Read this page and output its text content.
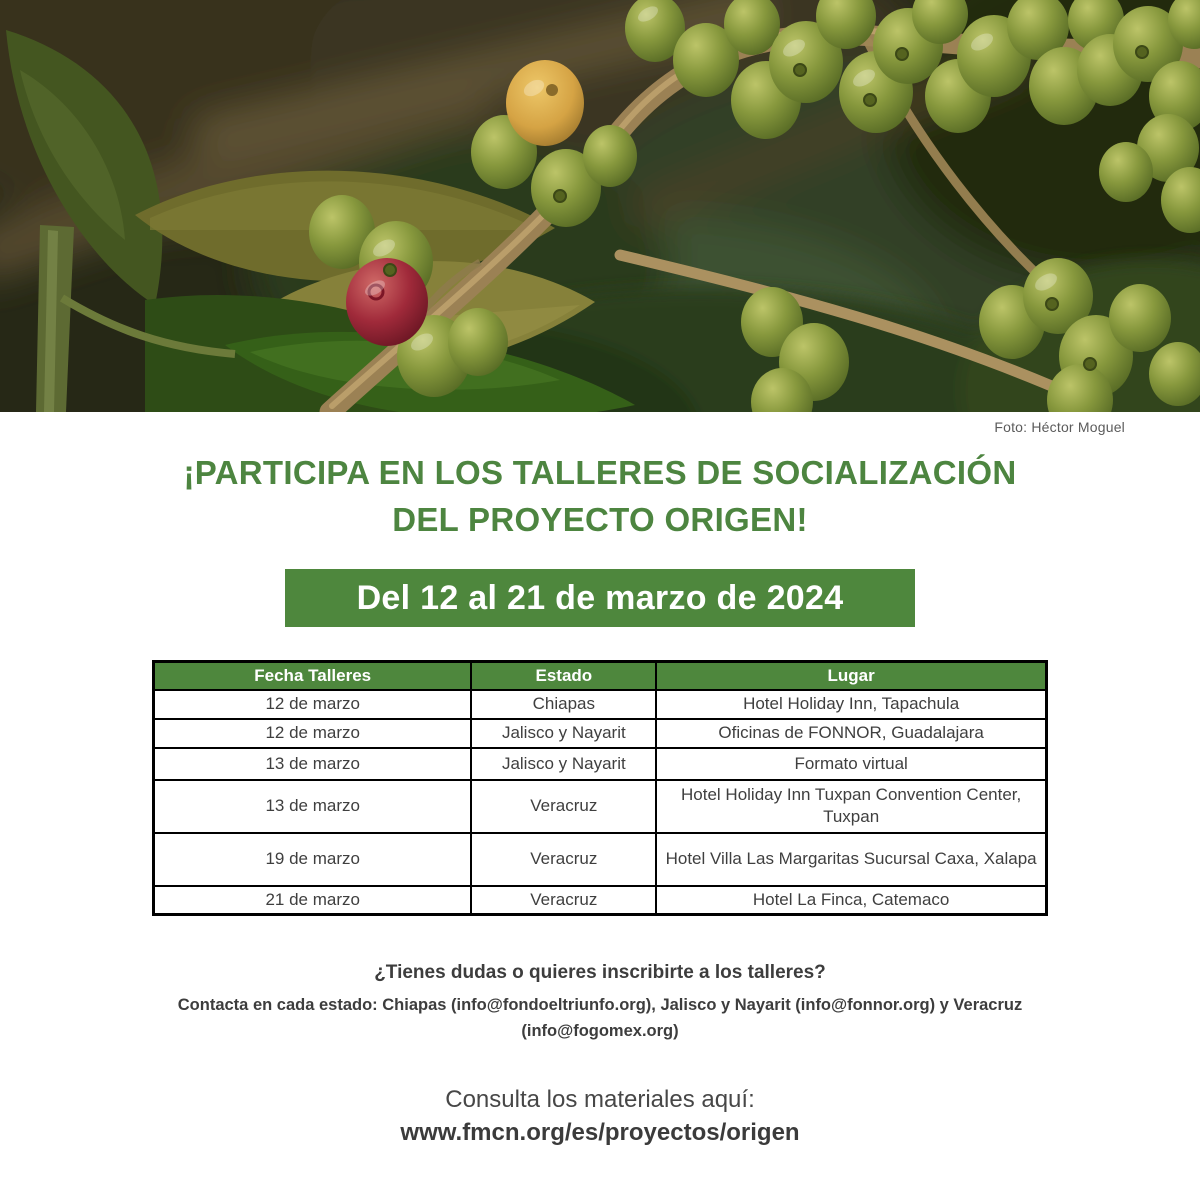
Foto: Héctor Moguel
¡PARTICIPA EN LOS TALLERES DE SOCIALIZACIÓN
DEL PROYECTO ORIGEN!
Del 12 al 21 de marzo de 2024
Fecha Talleres	Estado	Lugar
12 de marzo	Chiapas	Hotel Holiday Inn, Tapachula
12 de marzo	Jalisco y Nayarit	Oficinas de FONNOR, Guadalajara
13 de marzo	Jalisco y Nayarit	Formato virtual
13 de marzo	Veracruz	Hotel Holiday Inn Tuxpan Convention Center, Tuxpan
19 de marzo	Veracruz	Hotel Villa Las Margaritas Sucursal Caxa, Xalapa
21 de marzo	Veracruz	Hotel La Finca, Catemaco
¿Tienes dudas o quieres inscribirte a los talleres?
Contacta en cada estado: Chiapas (info@fondoeltriunfo.org), Jalisco y Nayarit (info@fonnor.org) y Veracruz
(info@fogomex.org)
Consulta los materiales aquí:
www.fmcn.org/es/proyectos/origen
